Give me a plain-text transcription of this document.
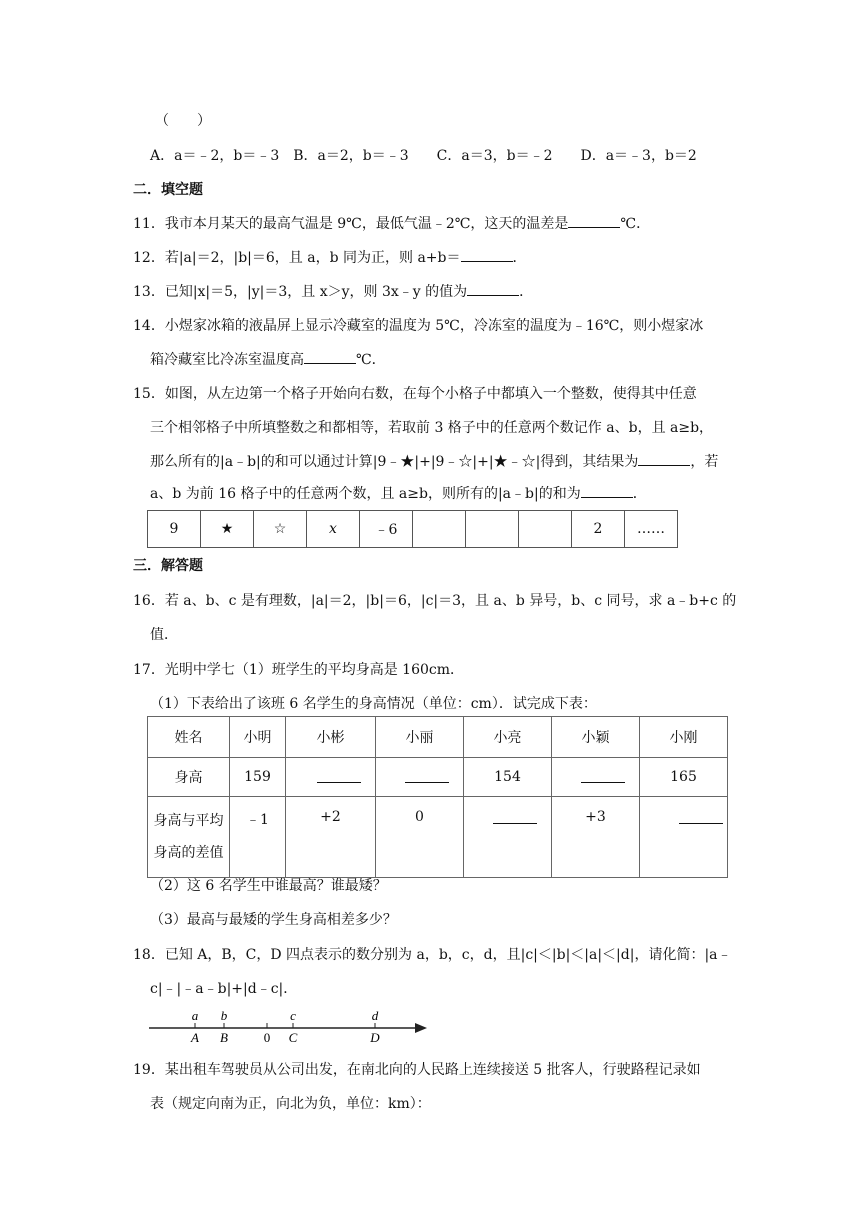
（　　）
A．a＝﹣2，b＝﹣3　B．a＝2，b＝﹣3　　C．a＝3，b＝﹣2　　D．a＝﹣3，b＝2
二．填空题
11．我市本月某天的最高气温是 9℃，最低气温﹣2℃，这天的温差是	℃．
12．若|a|＝2，|b|＝6，且 a，b 同为正，则 a+b＝	．
13．已知|x|＝5，|y|＝3，且 x＞y，则 3x﹣y 的值为	．
14．小煜家冰箱的液晶屏上显示冷藏室的温度为 5℃，冷冻室的温度为﹣16℃，则小煜家冰
箱冷藏室比冷冻室温度高	℃．
15．如图，从左边第一个格子开始向右数，在每个小格子中都填入一个整数，使得其中任意
三个相邻格子中所填整数之和都相等，若取前 3 格子中的任意两个数记作 a、b，且 a≥b，
那么所有的|a﹣b|的和可以通过计算|9﹣★|+|9﹣☆|+|★﹣☆|得到，其结果为	，若
a、b 为前 16 格子中的任意两个数，且 a≥b，则所有的|a﹣b|的和为	．
9	★	☆	x	﹣6				2	……
三．解答题
16．若 a、b、c 是有理数，|a|＝2，|b|＝6，|c|＝3，且 a、b 异号，b、c 同号，求 a﹣b+c 的
值．
17．光明中学七（1）班学生的平均身高是 160cm．
（1）下表给出了该班 6 名学生的身高情况（单位：cm）．试完成下表：
姓名	小明	小彬	小丽	小亮	小颖	小刚
身高	159			154		165

身高与平均
身高的差值	﹣1	+2	0		+3	
（2）这 6 名学生中谁最高？谁最矮？
（3）最高与最矮的学生身高相差多少？
18．已知 A，B，C，D 四点表示的数分别为 a，b，c，d，且|c|＜|b|＜|a|＜|d|，请化简：|a﹣
c|﹣|﹣a﹣b|+|d﹣c|．
a b	c	d
A B	0 C	D
19．某出租车驾驶员从公司出发，在南北向的人民路上连续接送 5 批客人，行驶路程记录如
表（规定向南为正，向北为负，单位：km）：
